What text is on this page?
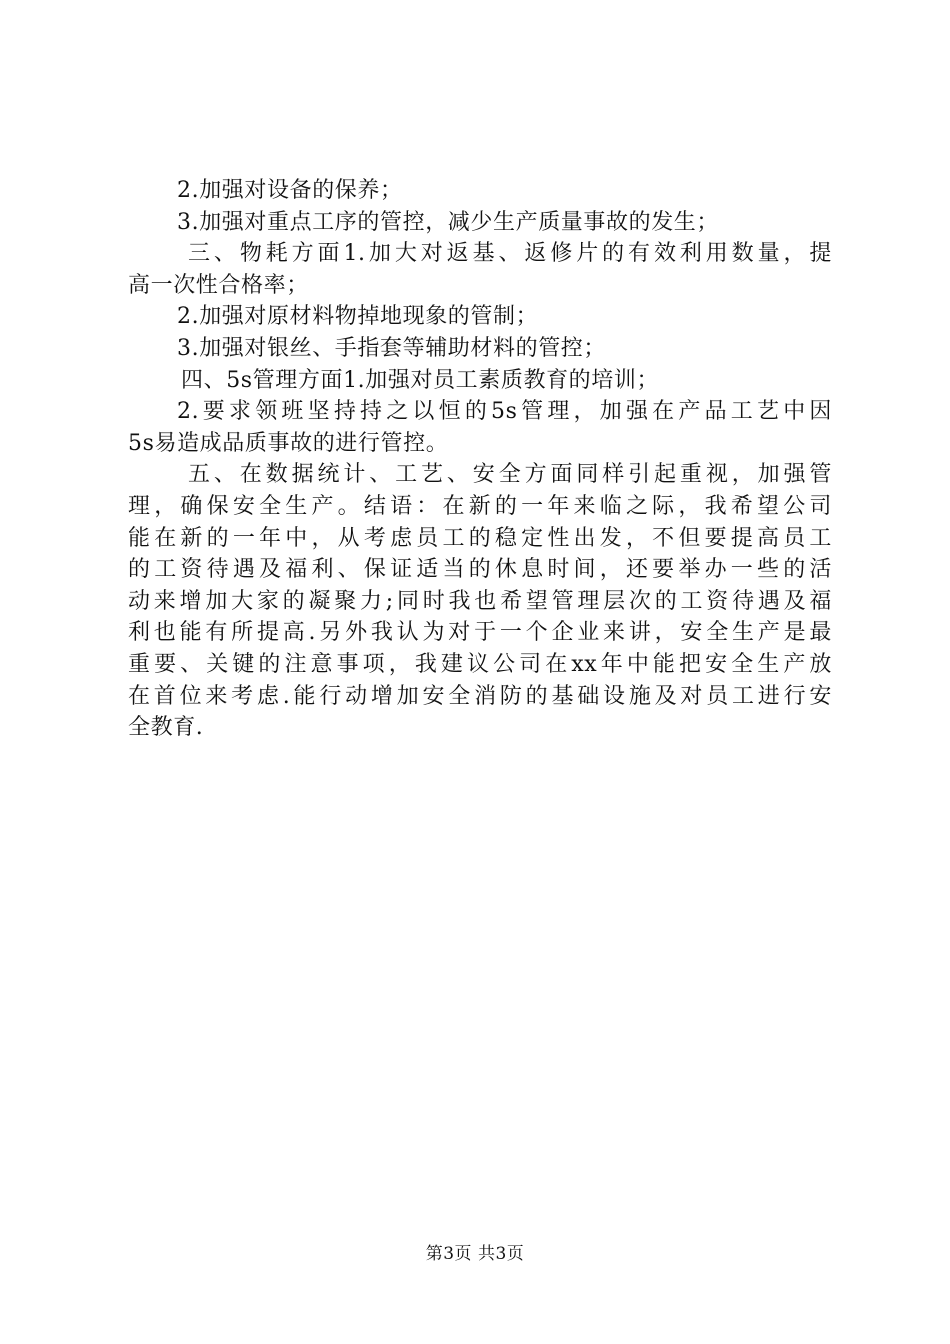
2.加强对设备的保养；
3.加强对重点工序的管控，减少生产质量事故的发生；
三、物耗方面1.加大对返基、返修片的有效利用数量，提
高一次性合格率；
2.加强对原材料物掉地现象的管制；
3.加强对银丝、手指套等辅助材料的管控；
四、5s管理方面1.加强对员工素质教育的培训；
2.要求领班坚持持之以恒的5s管理，加强在产品工艺中因
5s易造成品质事故的进行管控。
五、在数据统计、工艺、安全方面同样引起重视，加强管
理，确保安全生产。结语：在新的一年来临之际，我希望公司
能在新的一年中，从考虑员工的稳定性出发，不但要提高员工
的工资待遇及福利、保证适当的休息时间，还要举办一些的活
动来增加大家的凝聚力;同时我也希望管理层次的工资待遇及福
利也能有所提高.另外我认为对于一个企业来讲，安全生产是最
重要、关键的注意事项，我建议公司在xx年中能把安全生产放
在首位来考虑.能行动增加安全消防的基础设施及对员工进行安
全教育.
第3页 共3页
